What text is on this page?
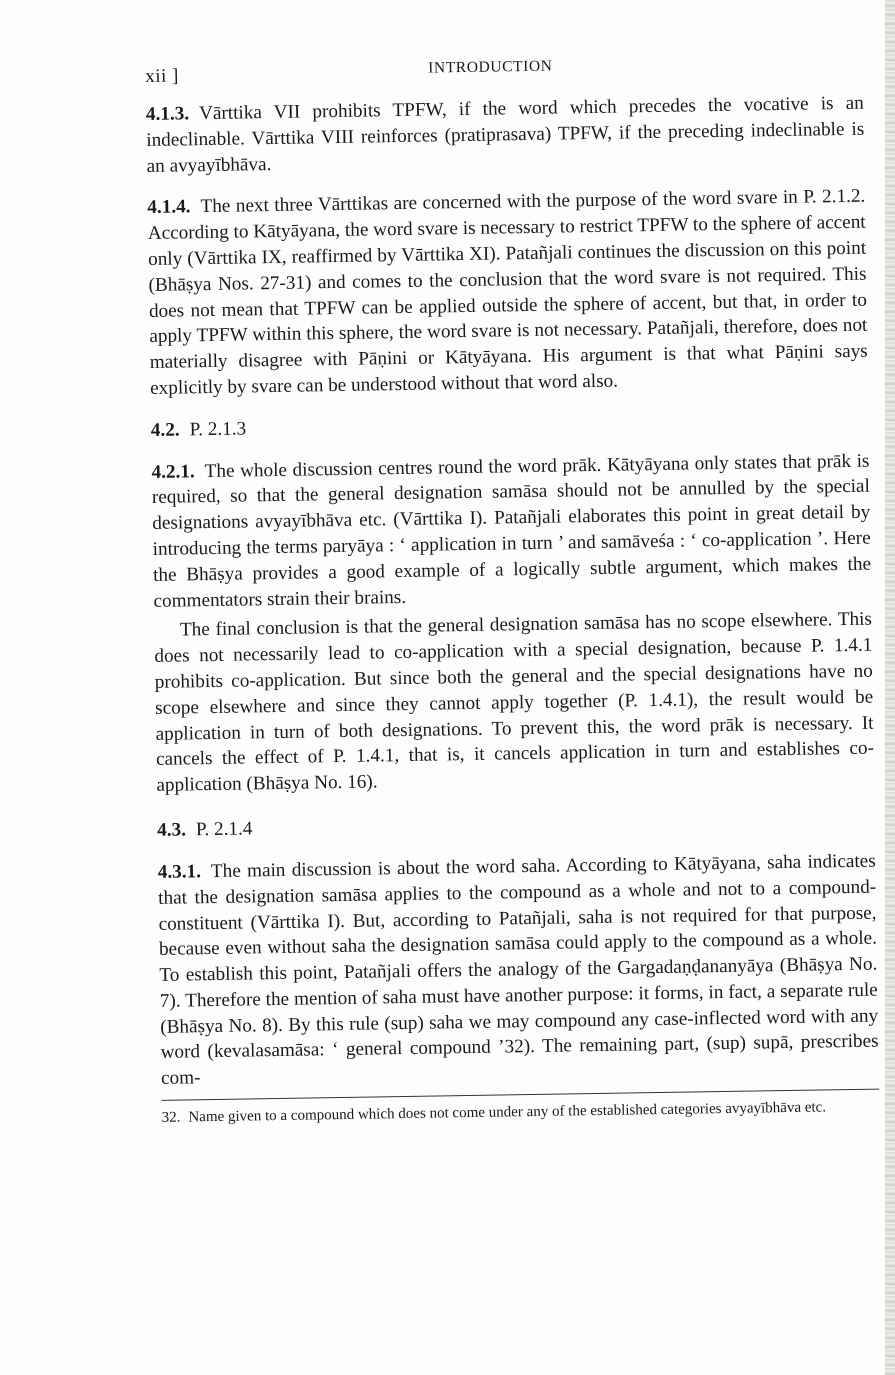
xii ]	INTRODUCTION

4.1.3. Vārttika VII prohibits TPFW, if the word which precedes the vocative is an indeclinable. Vārttika VIII reinforces (pratiprasava) TPFW, if the preceding indeclinable is an avyayībhāva.

4.1.4. The next three Vārttikas are concerned with the purpose of the word svare in P. 2.1.2. According to Kātyāyana, the word svare is necessary to restrict TPFW to the sphere of accent only (Vārttika IX, reaffirmed by Vārttika XI). Patañjali continues the discussion on this point (Bhāṣya Nos. 27-31) and comes to the conclusion that the word svare is not required. This does not mean that TPFW can be applied outside the sphere of accent, but that, in order to apply TPFW within this sphere, the word svare is not necessary. Patañjali, therefore, does not materially disagree with Pāṇini or Kātyāyana. His argument is that what Pāṇini says explicitly by svare can be understood without that word also.

4.2. P. 2.1.3

4.2.1. The whole discussion centres round the word prāk. Kātyāyana only states that prāk is required, so that the general designation samāsa should not be annulled by the special designations avyayībhāva etc. (Vārttika I). Patañjali elaborates this point in great detail by introducing the terms paryāya : ‘ application in turn ’ and samāveśa : ‘ co-application ’. Here the Bhāṣya provides a good example of a logically subtle argument, which makes the commentators strain their brains.

The final conclusion is that the general designation samāsa has no scope elsewhere. This does not necessarily lead to co-application with a special designation, because P. 1.4.1 prohibits co-application. But since both the general and the special designations have no scope elsewhere and since they cannot apply together (P. 1.4.1), the result would be application in turn of both designations. To prevent this, the word prāk is necessary. It cancels the effect of P. 1.4.1, that is, it cancels application in turn and establishes co-application (Bhāṣya No. 16).

4.3. P. 2.1.4

4.3.1. The main discussion is about the word saha. According to Kātyāyana, saha indicates that the designation samāsa applies to the compound as a whole and not to a compound-constituent (Vārttika I). But, according to Patañjali, saha is not required for that purpose, because even without saha the designation samāsa could apply to the compound as a whole. To establish this point, Patañjali offers the analogy of the Gargadaṇḍananyāya (Bhāṣya No. 7). Therefore the mention of saha must have another purpose: it forms, in fact, a separate rule (Bhāṣya No. 8). By this rule (sup) saha we may compound any case-inflected word with any word (kevalasamāsa: ‘ general compound ’32). The remaining part, (sup) supā, prescribes com-

32. Name given to a compound which does not come under any of the established categories avyayībhāva etc.
